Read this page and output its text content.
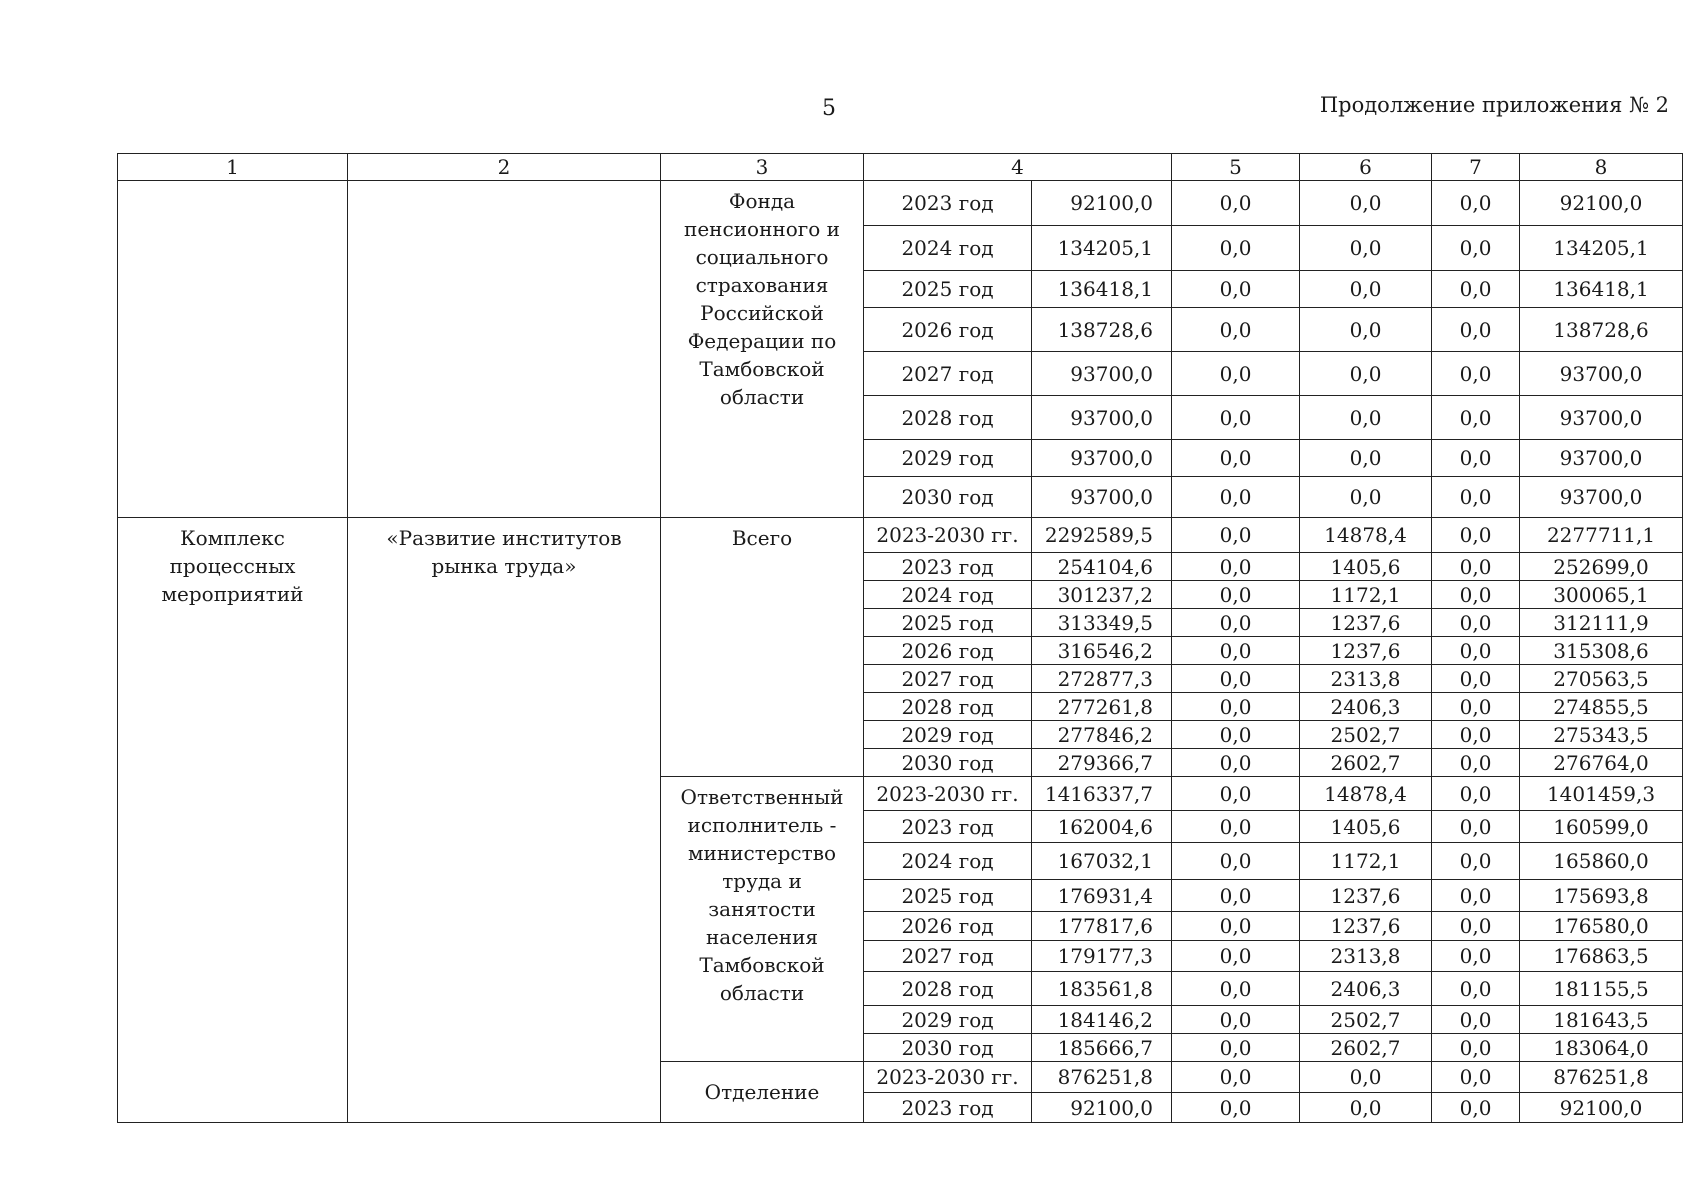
5	Продолжение приложения № 2
1	2	3	4		5	6	7	8
		Фонда пенсионного и социального страхования Российской Федерации по Тамбовской области	2023 год	92100,0	0,0	0,0	0,0	92100,0
			2024 год	134205,1	0,0	0,0	0,0	134205,1
			2025 год	136418,1	0,0	0,0	0,0	136418,1
			2026 год	138728,6	0,0	0,0	0,0	138728,6
			2027 год	93700,0	0,0	0,0	0,0	93700,0
			2028 год	93700,0	0,0	0,0	0,0	93700,0
			2029 год	93700,0	0,0	0,0	0,0	93700,0
			2030 год	93700,0	0,0	0,0	0,0	93700,0
Комплекс процессных мероприятий	«Развитие институтов рынка труда»	Всего	2023-2030 гг.	2292589,5	0,0	14878,4	0,0	2277711,1
			2023 год	254104,6	0,0	1405,6	0,0	252699,0
			2024 год	301237,2	0,0	1172,1	0,0	300065,1
			2025 год	313349,5	0,0	1237,6	0,0	312111,9
			2026 год	316546,2	0,0	1237,6	0,0	315308,6
			2027 год	272877,3	0,0	2313,8	0,0	270563,5
			2028 год	277261,8	0,0	2406,3	0,0	274855,5
			2029 год	277846,2	0,0	2502,7	0,0	275343,5
			2030 год	279366,7	0,0	2602,7	0,0	276764,0
		Ответственный исполнитель - министерство труда и занятости населения Тамбовской области	2023-2030 гг.	1416337,7	0,0	14878,4	0,0	1401459,3
			2023 год	162004,6	0,0	1405,6	0,0	160599,0
			2024 год	167032,1	0,0	1172,1	0,0	165860,0
			2025 год	176931,4	0,0	1237,6	0,0	175693,8
			2026 год	177817,6	0,0	1237,6	0,0	176580,0
			2027 год	179177,3	0,0	2313,8	0,0	176863,5
			2028 год	183561,8	0,0	2406,3	0,0	181155,5
			2029 год	184146,2	0,0	2502,7	0,0	181643,5
			2030 год	185666,7	0,0	2602,7	0,0	183064,0
		Отделение	2023-2030 гг.	876251,8	0,0	0,0	0,0	876251,8
			2023 год	92100,0	0,0	0,0	0,0	92100,0
